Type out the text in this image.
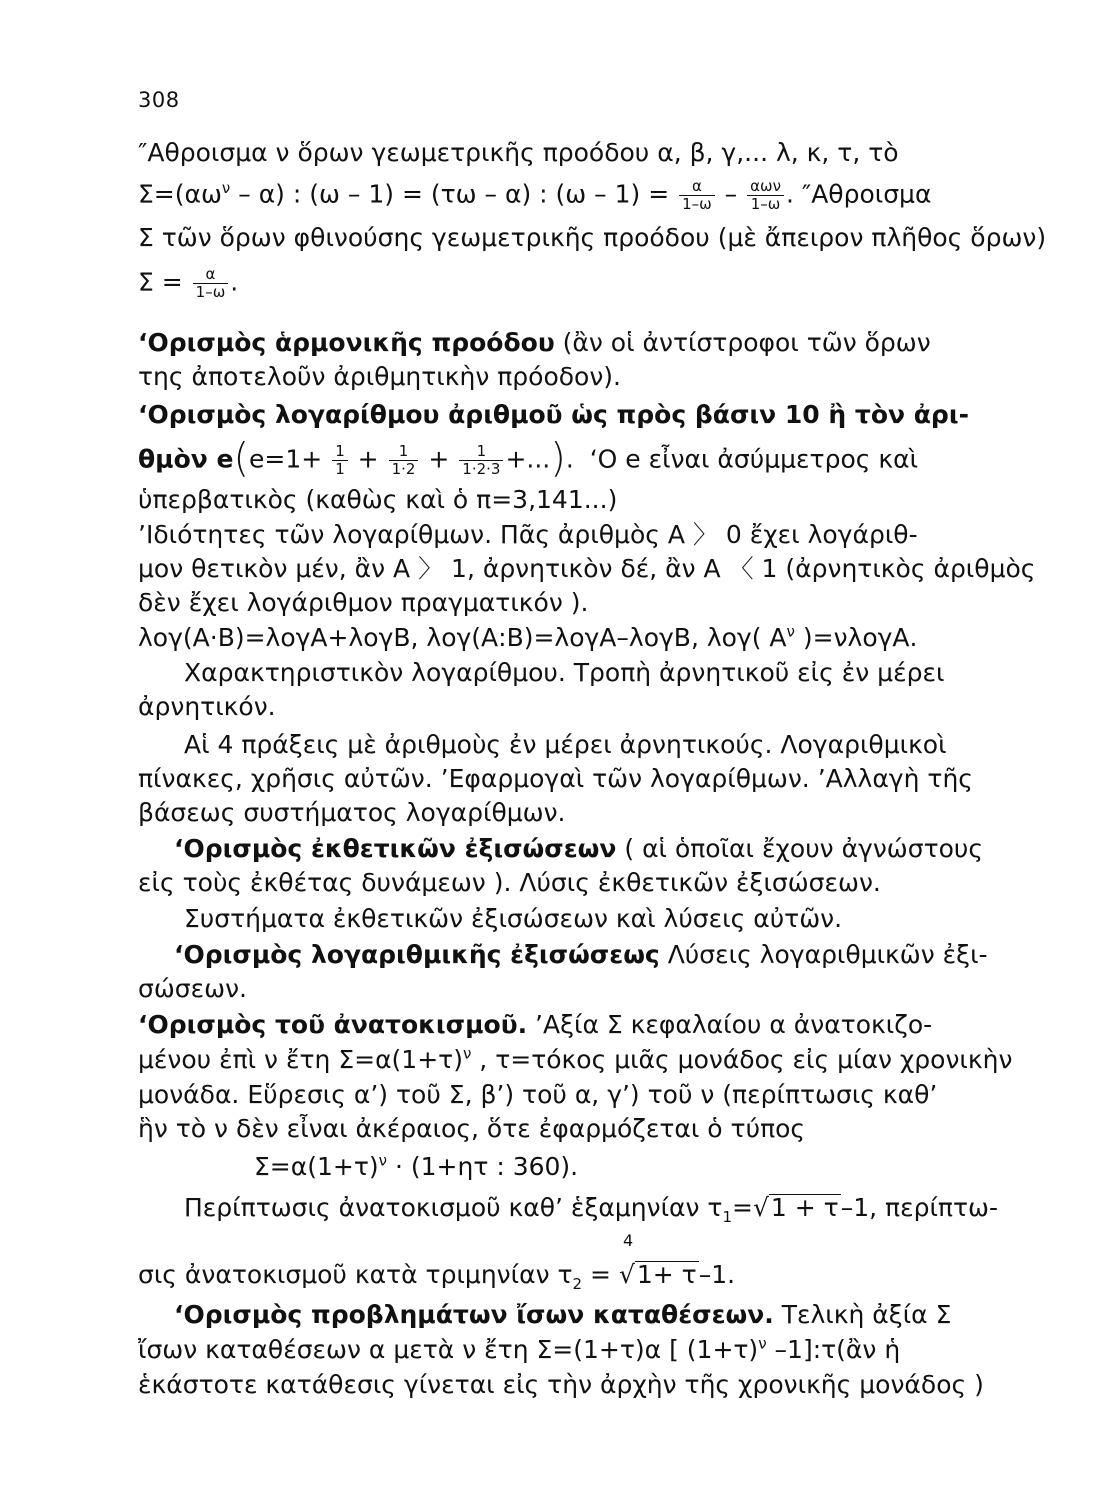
308
″Αθροισμα ν ὅρων γεωμετρικῆς προόδου α, β, γ,... λ, κ, τ, τὸ
$\Sigma=(\alpha\omega^\nu - \alpha)$ : (ω – 1) = (τω – α) : $(\omega - 1) = \frac{\alpha}{1-\omega} - \frac{\text{αων}}{1-\omega}$ . ″Αθροισμα
Σ τῶν ὅρων φθινούσης γεωμετρικῆς προόδου (μὲ ἄπειρον πλῆθος ὅρων)
$\Sigma = \frac{\alpha}{1-\omega}$ .
‘Ορισμὸς ἁρμονικῆς προόδου (ἂν οἱ ἀντίστροφοι τῶν ὅρων
της ἀποτελοῦν ἀριθμητικὴν πρόοδον).
‘Ορισμὸς λογαρίθμου ἀριθμοῦ ὡς πρὸς βάσιν 10 ἢ τὸν ἀρι-
θμὸν $e(e=1+ \frac{1}{1} + \frac{1}{1\cdot 2} + \frac{1}{1\cdot 2\cdot 3}$ +...).  ‘Ο e εἶναι ἀσύμμετρος καὶ
ὑπερβατικὸς (καθὼς καὶ ὁ π=3,141...)
’Ιδιότητες τῶν λογαρίθμων. Πᾶς ἀριθμὸς Α 〉 0 ἔχει λογάριθ-
μον θετικὸν μέν, ἂν Α 〉 1, ἀρνητικὸν δέ, ἂν Α 〈 1 (ἀρνητικὸς ἀριθμὸς
δὲν ἔχει λογάριθμον πραγματικόν ).
λογ(Α·Β)=λογΑ+λογΒ, λογ(Α:Β)=λογΑ–λογΒ, λογ( $A^\nu$ )=νλογΑ.
Χαρακτηριστικὸν λογαρίθμου. Τροπὴ ἀρνητικοῦ εἰς ἐν μέρει
ἀρνητικόν.
Αἱ 4 πράξεις μὲ ἀριθμοὺς ἐν μέρει ἀρνητικούς. Λογαριθμικοὶ
πίνακες, χρῆσις αὐτῶν. ’Εφαρμογαὶ τῶν λογαρίθμων. ’Αλλαγὴ τῆς
βάσεως συστήματος λογαρίθμων.
‘Ορισμὸς ἐκθετικῶν ἐξισώσεων ( αἱ ὁποῖαι ἔχουν ἀγνώστους
εἰς τοὺς ἐκθέτας δυνάμεων ). Λύσις ἐκθετικῶν ἐξισώσεων.
Συστήματα ἐκθετικῶν ἐξισώσεων καὶ λύσεις αὐτῶν.
‘Ορισμὸς λογαριθμικῆς ἐξισώσεως Λύσεις λογαριθμικῶν ἐξι-
σώσεων.
‘Ορισμὸς τοῦ ἀνατοκισμοῦ. ’Αξία Σ κεφαλαίου α ἀνατοκιζο-
μένου ἐπὶ ν ἔτη $\Sigma=\alpha(1+\tau)^\nu$ , τ=τόκος μιᾶς μονάδος εἰς μίαν χρονικὴν
μονάδα. Εὕρεσις α’) τοῦ Σ, β’) τοῦ α, γ’) τοῦ ν (περίπτωσις καθ’
ἣν τὸ ν δὲν εἶναι ἀκέραιος, ὅτε ἐφαρμόζεται ὁ τύπος
$\Sigma=\alpha(1+\tau)^\nu \cdot (1+\eta\tau$ : 360).
Περίπτωσις ἀνατοκισμοῦ καθ’ ἑξαμηνίαν $\tau_1=√1 + \tau-1$, περίπτω-
σις ἀνατοκισμοῦ κατὰ τριμηνίαν $\tau_2$ =
4
√1+ τ–1.
‘Ορισμὸς προβλημάτων ἴσων καταθέσεων. Τελικὴ ἀξία Σ
ἴσων καταθέσεων α μετὰ ν ἔτη Σ=(1+τ)α [ $(1+\tau)^\nu$ –1]:τ(ἂν ἡ
ἑκάστοτε κατάθεσις γίνεται εἰς τὴν ἀρχὴν τῆς χρονικῆς μονάδος )
